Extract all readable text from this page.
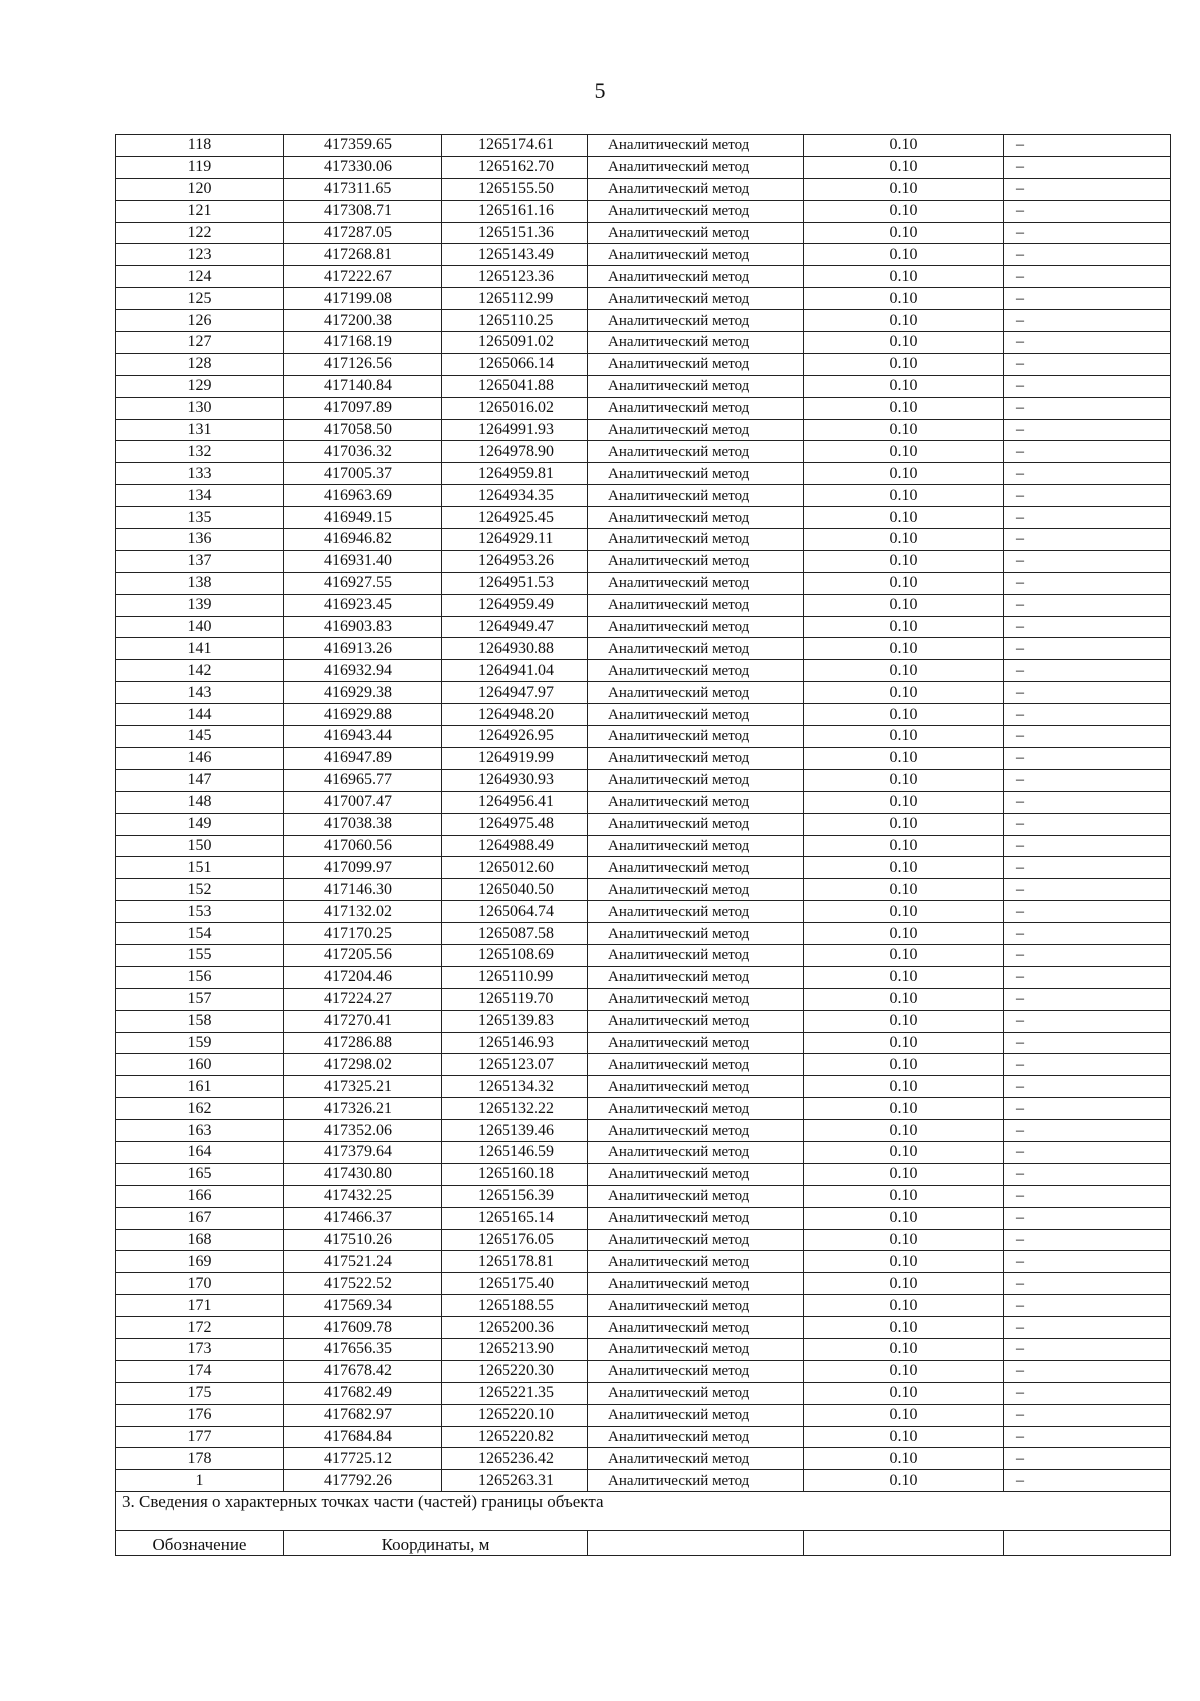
5
118	417359.65	1265174.61	Аналитический метод	0.10	–
119	417330.06	1265162.70	Аналитический метод	0.10	–
120	417311.65	1265155.50	Аналитический метод	0.10	–
121	417308.71	1265161.16	Аналитический метод	0.10	–
122	417287.05	1265151.36	Аналитический метод	0.10	–
123	417268.81	1265143.49	Аналитический метод	0.10	–
124	417222.67	1265123.36	Аналитический метод	0.10	–
125	417199.08	1265112.99	Аналитический метод	0.10	–
126	417200.38	1265110.25	Аналитический метод	0.10	–
127	417168.19	1265091.02	Аналитический метод	0.10	–
128	417126.56	1265066.14	Аналитический метод	0.10	–
129	417140.84	1265041.88	Аналитический метод	0.10	–
130	417097.89	1265016.02	Аналитический метод	0.10	–
131	417058.50	1264991.93	Аналитический метод	0.10	–
132	417036.32	1264978.90	Аналитический метод	0.10	–
133	417005.37	1264959.81	Аналитический метод	0.10	–
134	416963.69	1264934.35	Аналитический метод	0.10	–
135	416949.15	1264925.45	Аналитический метод	0.10	–
136	416946.82	1264929.11	Аналитический метод	0.10	–
137	416931.40	1264953.26	Аналитический метод	0.10	–
138	416927.55	1264951.53	Аналитический метод	0.10	–
139	416923.45	1264959.49	Аналитический метод	0.10	–
140	416903.83	1264949.47	Аналитический метод	0.10	–
141	416913.26	1264930.88	Аналитический метод	0.10	–
142	416932.94	1264941.04	Аналитический метод	0.10	–
143	416929.38	1264947.97	Аналитический метод	0.10	–
144	416929.88	1264948.20	Аналитический метод	0.10	–
145	416943.44	1264926.95	Аналитический метод	0.10	–
146	416947.89	1264919.99	Аналитический метод	0.10	–
147	416965.77	1264930.93	Аналитический метод	0.10	–
148	417007.47	1264956.41	Аналитический метод	0.10	–
149	417038.38	1264975.48	Аналитический метод	0.10	–
150	417060.56	1264988.49	Аналитический метод	0.10	–
151	417099.97	1265012.60	Аналитический метод	0.10	–
152	417146.30	1265040.50	Аналитический метод	0.10	–
153	417132.02	1265064.74	Аналитический метод	0.10	–
154	417170.25	1265087.58	Аналитический метод	0.10	–
155	417205.56	1265108.69	Аналитический метод	0.10	–
156	417204.46	1265110.99	Аналитический метод	0.10	–
157	417224.27	1265119.70	Аналитический метод	0.10	–
158	417270.41	1265139.83	Аналитический метод	0.10	–
159	417286.88	1265146.93	Аналитический метод	0.10	–
160	417298.02	1265123.07	Аналитический метод	0.10	–
161	417325.21	1265134.32	Аналитический метод	0.10	–
162	417326.21	1265132.22	Аналитический метод	0.10	–
163	417352.06	1265139.46	Аналитический метод	0.10	–
164	417379.64	1265146.59	Аналитический метод	0.10	–
165	417430.80	1265160.18	Аналитический метод	0.10	–
166	417432.25	1265156.39	Аналитический метод	0.10	–
167	417466.37	1265165.14	Аналитический метод	0.10	–
168	417510.26	1265176.05	Аналитический метод	0.10	–
169	417521.24	1265178.81	Аналитический метод	0.10	–
170	417522.52	1265175.40	Аналитический метод	0.10	–
171	417569.34	1265188.55	Аналитический метод	0.10	–
172	417609.78	1265200.36	Аналитический метод	0.10	–
173	417656.35	1265213.90	Аналитический метод	0.10	–
174	417678.42	1265220.30	Аналитический метод	0.10	–
175	417682.49	1265221.35	Аналитический метод	0.10	–
176	417682.97	1265220.10	Аналитический метод	0.10	–
177	417684.84	1265220.82	Аналитический метод	0.10	–
178	417725.12	1265236.42	Аналитический метод	0.10	–
1	417792.26	1265263.31	Аналитический метод	0.10	–
3. Сведения о характерных точках части (частей) границы объекта					
Обозначение	Координаты, м				
